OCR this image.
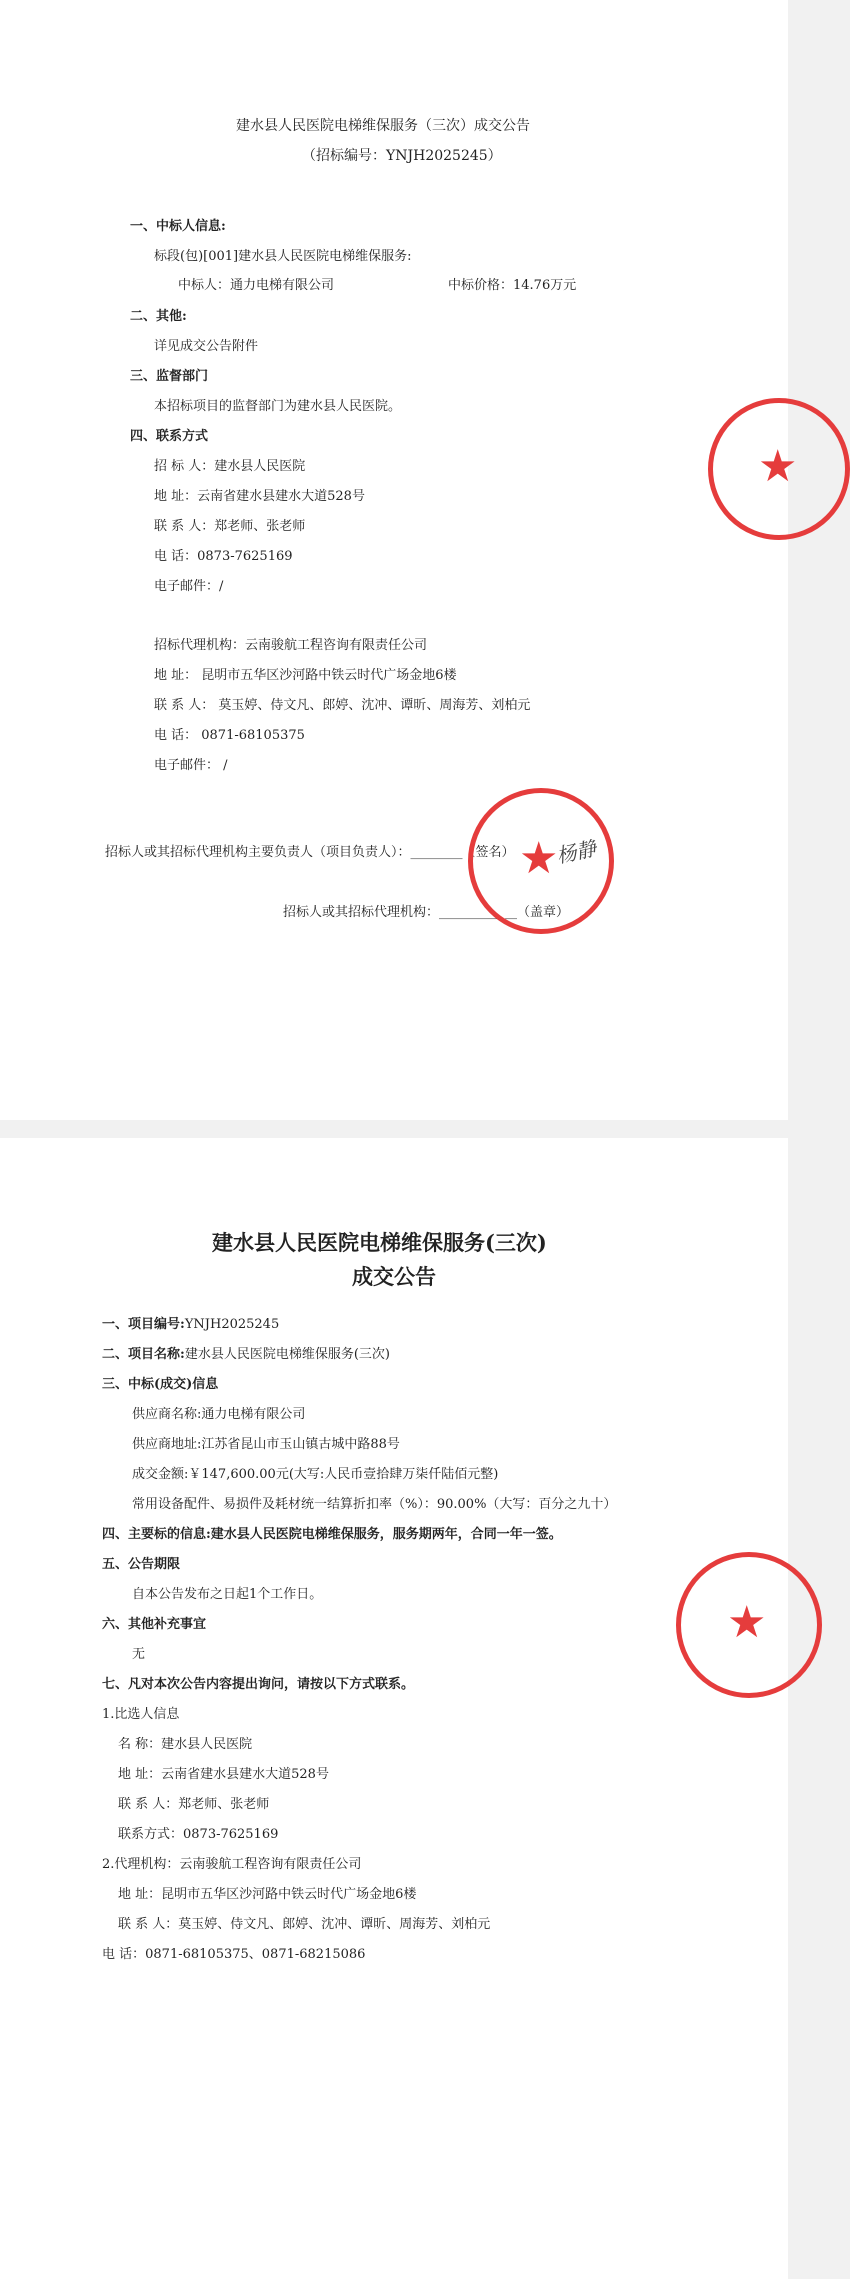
建水县人民医院电梯维保服务（三次）成交公告
（招标编号：YNJH2025245）
一、中标人信息:
标段(包)[001]建水县人民医院电梯维保服务:
中标人：通力电梯有限公司	中标价格：14.76万元
二、其他:
详见成交公告附件
三、监督部门
本招标项目的监督部门为建水县人民医院。
四、联系方式
招 标 人：建水县人民医院
地 址：云南省建水县建水大道528号
联 系 人：郑老师、张老师
电 话：0873-7625169
电子邮件：/
招标代理机构：云南骏航工程咨询有限责任公司
地 址： 昆明市五华区沙河路中铁云时代广场金地6楼
联 系 人： 莫玉婷、侍文凡、郎婷、沈冲、谭昕、周海芳、刘柏元
电 话： 0871-68105375
电子邮件： /
招标人或其招标代理机构主要负责人（项目负责人）：________（签名）
招标人或其招标代理机构：____________（盖章）
杨静
★
★
建水县人民医院电梯维保服务(三次)
成交公告
一、项目编号:YNJH2025245
二、项目名称:建水县人民医院电梯维保服务(三次)
三、中标(成交)信息
供应商名称:通力电梯有限公司
供应商地址:江苏省昆山市玉山镇古城中路88号
成交金额:￥147,600.00元(大写:人民币壹拾肆万柒仟陆佰元整)
常用设备配件、易损件及耗材统一结算折扣率（%）：90.00%（大写：百分之九十）
四、主要标的信息:建水县人民医院电梯维保服务，服务期两年，合同一年一签。
五、公告期限
自本公告发布之日起1个工作日。
六、其他补充事宜
无
七、凡对本次公告内容提出询问，请按以下方式联系。
1.比选人信息
名 称：建水县人民医院
地 址：云南省建水县建水大道528号
联 系 人：郑老师、张老师
联系方式：0873-7625169
2.代理机构：云南骏航工程咨询有限责任公司
地 址：昆明市五华区沙河路中铁云时代广场金地6楼
联 系 人：莫玉婷、侍文凡、郎婷、沈冲、谭昕、周海芳、刘柏元
电 话：0871-68105375、0871-68215086
★
